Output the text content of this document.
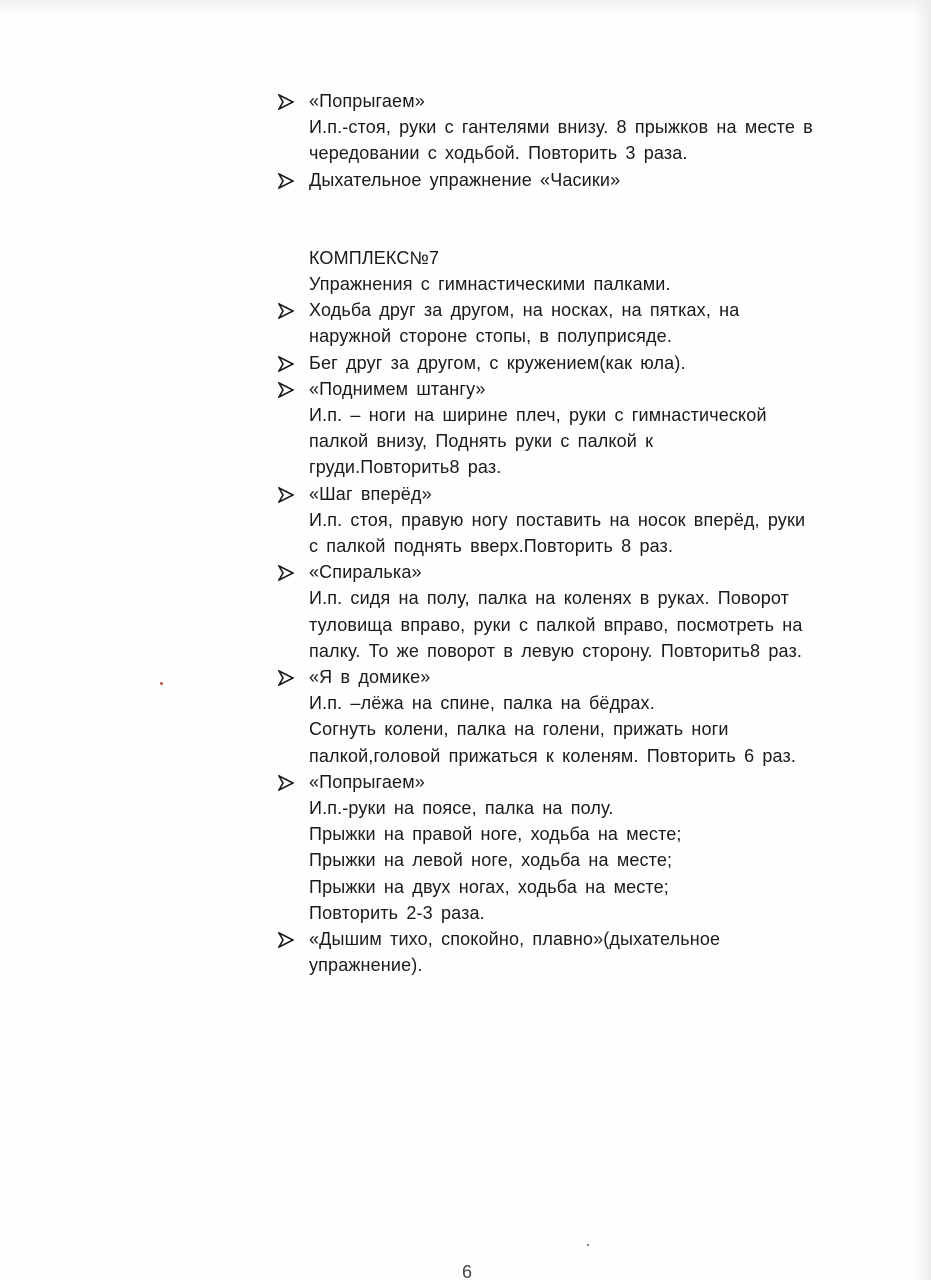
«Попрыгаем»
И.п.-стоя, руки с гантелями внизу. 8 прыжков на месте в
чередовании с ходьбой. Повторить 3 раза.
Дыхательное упражнение «Часики»
КОМПЛЕКС№7
Упражнения с гимнастическими палками.
Ходьба друг за другом, на носках, на пятках, на
наружной стороне стопы, в полуприсяде.
Бег друг за другом, с кружением(как юла).
«Поднимем штангу»
И.п. – ноги на ширине плеч, руки с гимнастической
палкой внизу, Поднять руки с палкой к
груди.Повторить8 раз.
«Шаг вперёд»
И.п. стоя, правую ногу поставить на носок вперёд, руки
с палкой поднять вверх.Повторить 8 раз.
«Спиралька»
И.п. сидя на полу, палка на коленях в руках. Поворот
туловища вправо, руки с палкой вправо, посмотреть на
палку. То же поворот в левую сторону. Повторить8 раз.
«Я в домике»
И.п. –лёжа на спине, палка на бёдрах.
Согнуть колени, палка на голени, прижать ноги
палкой,головой прижаться к коленям. Повторить 6 раз.
«Попрыгаем»
И.п.-руки на поясе, палка на полу.
Прыжки на правой ноге, ходьба на месте;
Прыжки на левой ноге, ходьба на месте;
Прыжки на двух ногах, ходьба на месте;
Повторить 2-3 раза.
«Дышим тихо, спокойно, плавно»(дыхательное
упражнение).
6
